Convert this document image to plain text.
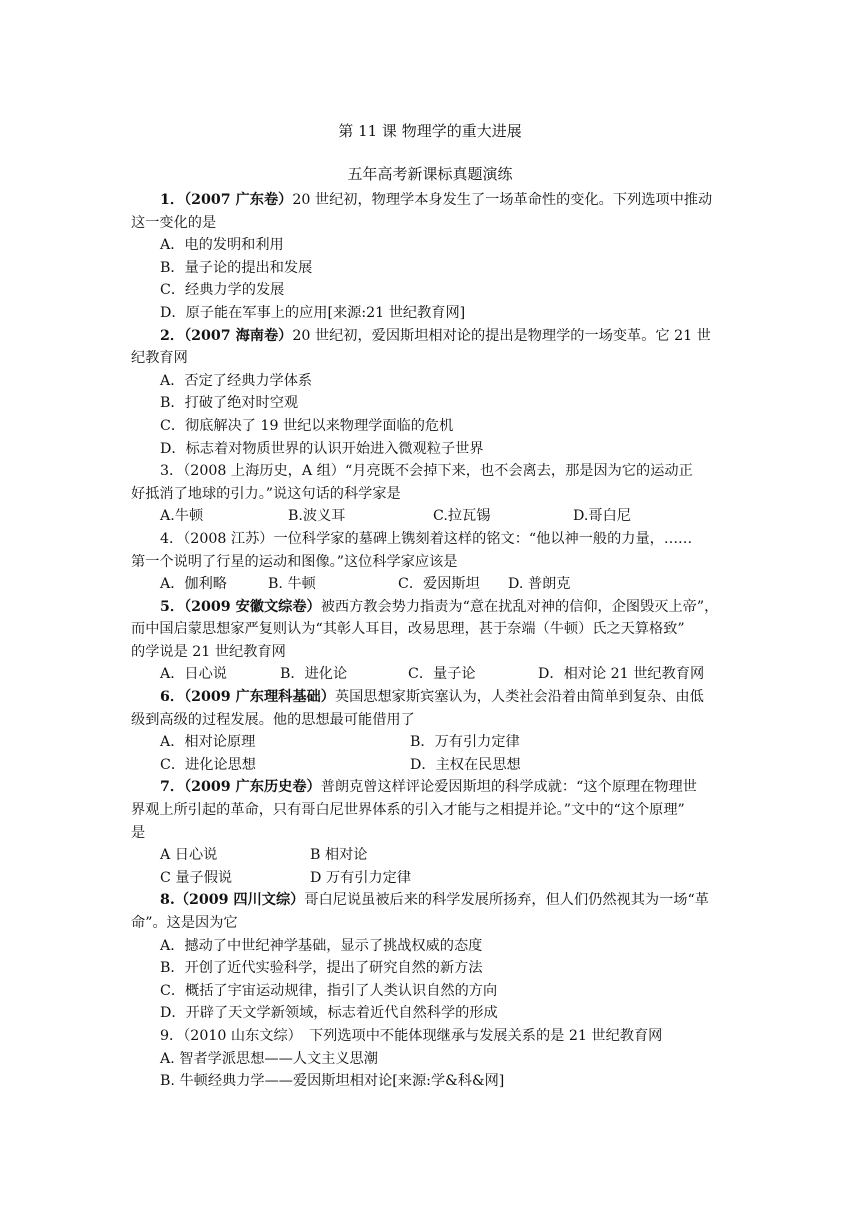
第 11 课 物理学的重大进展
五年高考新课标真题演练
1．（2007 广东卷）20 世纪初，物理学本身发生了一场革命性的变化。下列选项中推动
这一变化的是
A．电的发明和利用
B．量子论的提出和发展
C．经典力学的发展
D．原子能在军事上的应用[来源:21 世纪教育网]
2．（2007 海南卷）20 世纪初，爱因斯坦相对论的提出是物理学的一场变革。它 21 世
纪教育网
A．否定了经典力学体系
B．打破了绝对时空观
C．彻底解决了 19 世纪以来物理学面临的危机
D．标志着对物质世界的认识开始进入微观粒子世界
3．（2008 上海历史，A 组）“月亮既不会掉下来，也不会离去，那是因为它的运动正
好抵消了地球的引力。”说这句话的科学家是
A.牛顿	B.波义耳	C.拉瓦锡	D.哥白尼
4．（2008 江苏）一位科学家的墓碑上镌刻着这样的铭文：“他以神一般的力量，……
第一个说明了行星的运动和图像。”这位科学家应该是
A．伽利略	B. 牛顿	C．爱因斯坦	D. 普朗克
5．（2009 安徽文综卷）被西方教会势力指责为“意在扰乱对神的信仰，企图毁灭上帝”，
而中国启蒙思想家严复则认为“其彰人耳目，改易思理，甚于奈端（牛顿）氏之天算格致”
的学说是 21 世纪教育网
A．日心说	B．进化论	C．量子论	D．相对论 21 世纪教育网
6．（2009 广东理科基础）英国思想家斯宾塞认为，人类社会沿着由简单到复杂、由低
级到高级的过程发展。他的思想最可能借用了
A．相对论原理	B．万有引力定律
C．进化论思想	D．主权在民思想
7．（2009 广东历史卷）普朗克曾这样评论爱因斯坦的科学成就：“这个原理在物理世
界观上所引起的革命，只有哥白尼世界体系的引入才能与之相提并论。”文中的“这个原理”
是
A 日心说	B 相对论
C 量子假说	D 万有引力定律
8.（2009 四川文综）哥白尼说虽被后来的科学发展所扬弃，但人们仍然视其为一场“革
命”。这是因为它
A．撼动了中世纪神学基础，显示了挑战权威的态度
B．开创了近代实验科学，提出了研究自然的新方法
C．概括了宇宙运动规律，指引了人类认识自然的方向
D．开辟了天文学新领域，标志着近代自然科学的形成
9．（2010 山东文综）　下列选项中不能体现继承与发展关系的是 21 世纪教育网
A. 智者学派思想——人文主义思潮
B. 牛顿经典力学——爱因斯坦相对论[来源:学&科&网]
